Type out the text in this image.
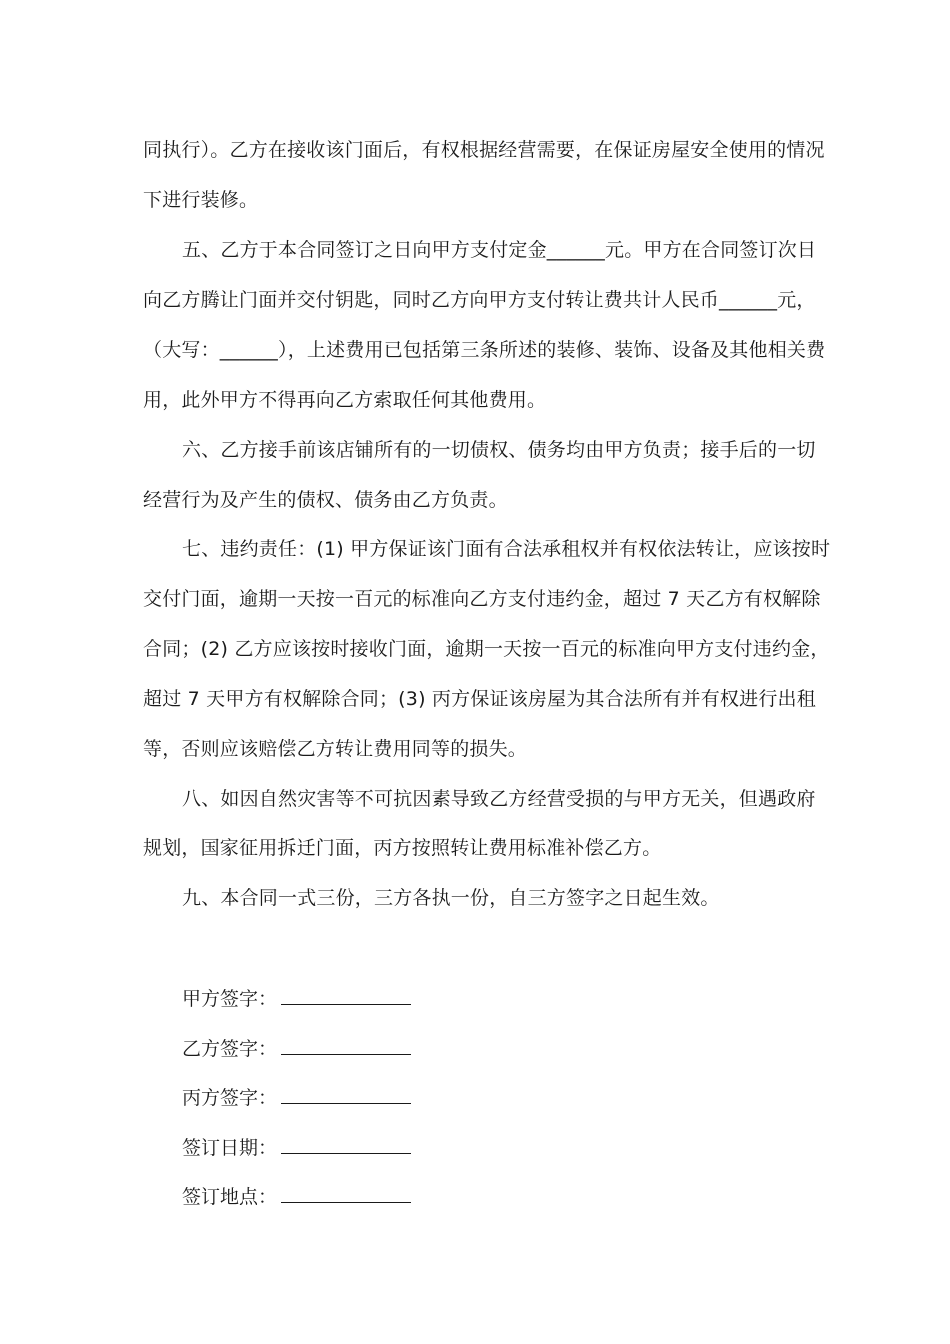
同执行）。乙方在接收该门面后，有权根据经营需要，在保证房屋安全使用的情况
下进行装修。
五、乙方于本合同签订之日向甲方支付定金______元。甲方在合同签订次日
向乙方腾让门面并交付钥匙，同时乙方向甲方支付转让费共计人民币______元，
（大写：______），上述费用已包括第三条所述的装修、装饰、设备及其他相关费
用，此外甲方不得再向乙方索取任何其他费用。
六、乙方接手前该店铺所有的一切债权、债务均由甲方负责；接手后的一切
经营行为及产生的债权、债务由乙方负责。
七、违约责任：(1) 甲方保证该门面有合法承租权并有权依法转让，应该按时
交付门面，逾期一天按一百元的标准向乙方支付违约金，超过 7 天乙方有权解除
合同；(2) 乙方应该按时接收门面，逾期一天按一百元的标准向甲方支付违约金，
超过 7 天甲方有权解除合同；(3) 丙方保证该房屋为其合法所有并有权进行出租
等，否则应该赔偿乙方转让费用同等的损失。
八、如因自然灾害等不可抗因素导致乙方经营受损的与甲方无关，但遇政府
规划，国家征用拆迁门面，丙方按照转让费用标准补偿乙方。
九、本合同一式三份，三方各执一份，自三方签字之日起生效。
甲方签字：
乙方签字：
丙方签字：
签订日期：
签订地点：
